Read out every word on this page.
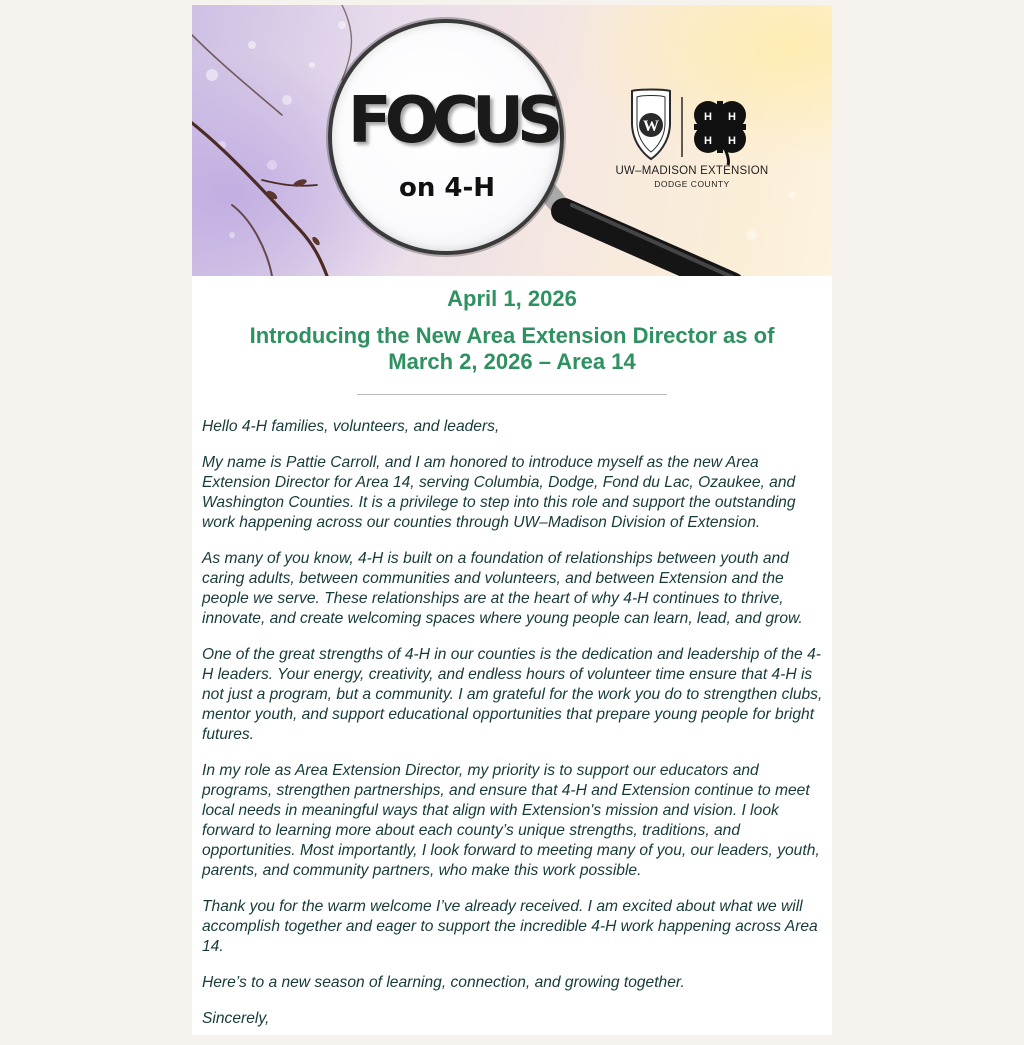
W
FOCUS
on 4-H
H H
H H
UW–MADISON EXTENSION
DODGE COUNTY
April 1, 2026
Introducing the New Area Extension Director as of March 2, 2026 – Area 14

Hello 4-H families, volunteers, and leaders,

My name is Pattie Carroll, and I am honored to introduce myself as the new Area Extension Director for Area 14, serving Columbia, Dodge, Fond du Lac, Ozaukee, and Washington Counties. It is a privilege to step into this role and support the outstanding work happening across our counties through UW–Madison Division of Extension.

As many of you know, 4-H is built on a foundation of relationships between youth and caring adults, between communities and volunteers, and between Extension and the people we serve. These relationships are at the heart of why 4-H continues to thrive, innovate, and create welcoming spaces where young people can learn, lead, and grow.

One of the great strengths of 4-H in our counties is the dedication and leadership of the 4-H leaders. Your energy, creativity, and endless hours of volunteer time ensure that 4-H is not just a program, but a community. I am grateful for the work you do to strengthen clubs, mentor youth, and support educational opportunities that prepare young people for bright futures.

In my role as Area Extension Director, my priority is to support our educators and programs, strengthen partnerships, and ensure that 4-H and Extension continue to meet local needs in meaningful ways that align with Extension's mission and vision. I look forward to learning more about each county’s unique strengths, traditions, and opportunities. Most importantly, I look forward to meeting many of you, our leaders, youth, parents, and community partners, who make this work possible.

Thank you for the warm welcome I’ve already received. I am excited about what we will accomplish together and eager to support the incredible 4-H work happening across Area 14.

Here’s to a new season of learning, connection, and growing together.

Sincerely,
